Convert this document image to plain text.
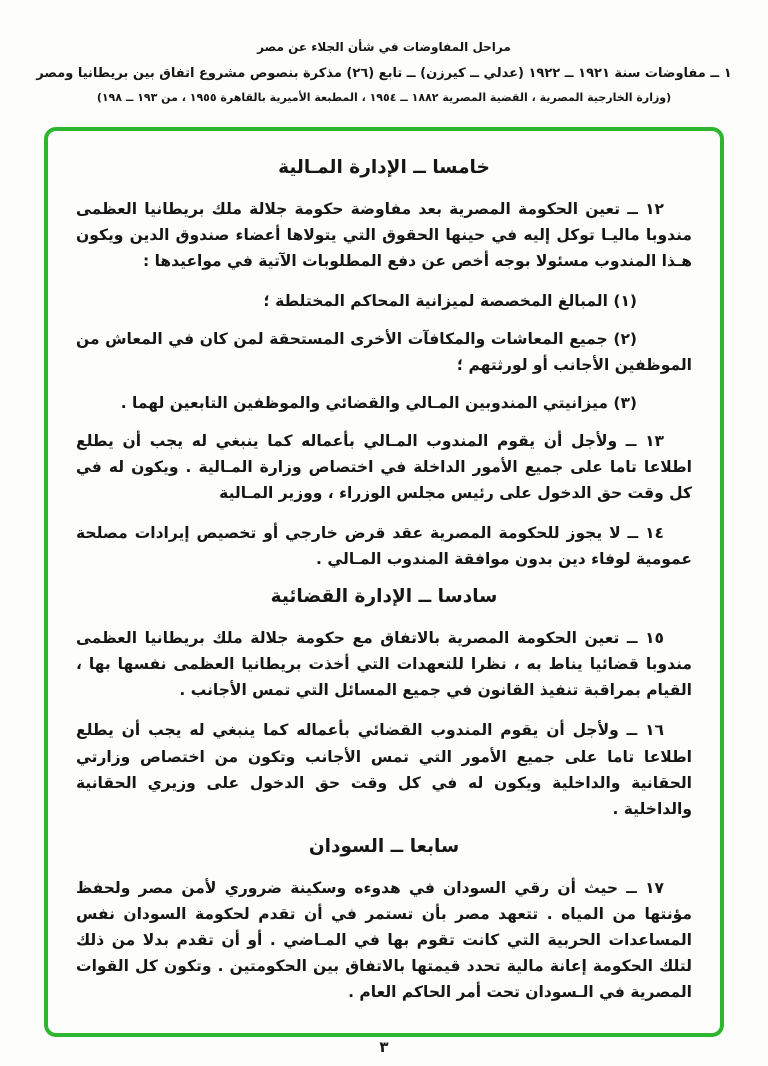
مراحل المفاوضات في شأن الجلاء عن مصر
١ ــ مفاوضات سنة ١٩٢١ ــ ١٩٢٢ (عدلي ــ كيرزن) ــ تابع (٢٦) مذكرة بنصوص مشروع اتفاق بين بريطانيا ومصر
(وزارة الخارجية المصرية ، القضية المصرية ١٨٨٢ ــ ١٩٥٤ ، المطبعة الأميرية بالقاهرة ١٩٥٥ ، من ١٩٣ ــ ١٩٨)
خامسا ــ الإدارة المـالية

١٢ ــ تعين الحكومة المصرية بعد مفاوضة حكومة جلالة ملك بريطانيا العظمى مندوبا ماليـا توكل إليه في حينها الحقوق التي يتولاها أعضاء صندوق الدين ويكون هـذا المندوب مسئولا بوجه أخص عن دفع المطلوبات الآتية في مواعيدها :

(١) المبالغ المخصصة لميزانية المحاكم المختلطة ؛

(٢) جميع المعاشات والمكافآت الأخرى المستحقة لمن كان في المعاش من الموظفين الأجانب أو لورثتهم ؛

(٣) ميزانيتي المندوبين المـالي والقضائي والموظفين التابعين لهما .

١٣ ــ ولأجل أن يقوم المندوب المـالي بأعماله كما ينبغي له يجب أن يطلع اطلاعا تاما على جميع الأمور الداخلة في اختصاص وزارة المـالية . ويكون له في كل وقت حق الدخول على رئيس مجلس الوزراء ، ووزير المـالية

١٤ ــ لا يجوز للحكومة المصرية عقد قرض خارجي أو تخصيص إيرادات مصلحة عمومية لوفاء دين بدون موافقة المندوب المـالي .

سادسا ــ الإدارة القضائية

١٥ ــ تعين الحكومة المصرية بالاتفاق مع حكومة جلالة ملك بريطانيا العظمى مندوبا قضائيا يناط به ، نظرا للتعهدات التي أخذت بريطانيا العظمى نفسها بها ، القيام بمراقبة تنفيذ القانون في جميع المسائل التي تمس الأجانب .

١٦ ــ ولأجل أن يقوم المندوب القضائي بأعماله كما ينبغي له يجب أن يطلع اطلاعا تاما على جميع الأمور التي تمس الأجانب وتكون من اختصاص وزارتي الحقانية والداخلية ويكون له في كل وقت حق الدخول على وزيري الحقانية والداخلية .

سابعا ــ السودان

١٧ ــ حيث أن رقي السودان في هدوءه وسكينة ضروري لأمن مصر ولحفظ مؤنتها من المياه . تتعهد مصر بأن تستمر في أن تقدم لحكومة السودان نفس المساعدات الحربية التي كانت تقوم بها في المـاضي . أو أن تقدم بدلا من ذلك لتلك الحكومة إعانة مالية تحدد قيمتها بالاتفاق بين الحكومتين . وتكون كل القوات المصرية في الـسودان تحت أمر الحاكم العام .

٣
